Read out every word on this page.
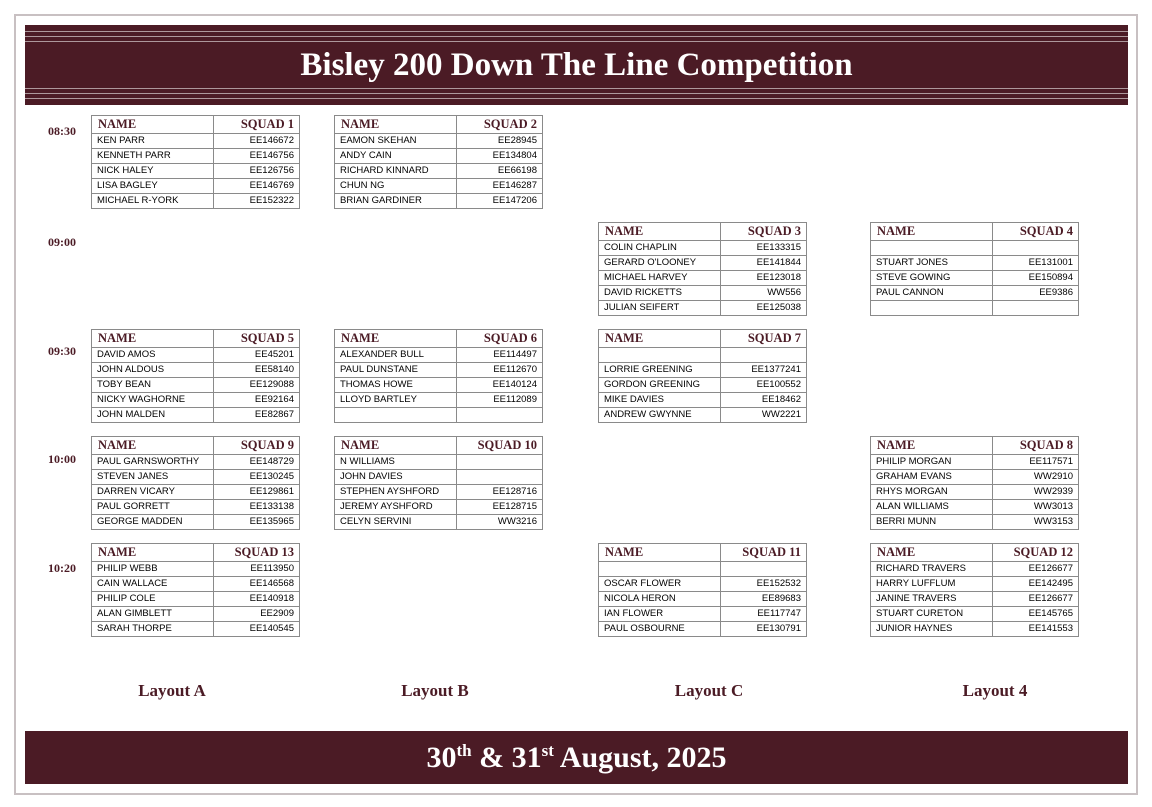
Bisley 200 Down The Line Competition
08:30
09:00
09:30
10:00
10:20
NAME	SQUAD 1
KEN PARR	EE146672
KENNETH PARR	EE146756
NICK HALEY	EE126756
LISA BAGLEY	EE146769
MICHAEL R-YORK	EE152322
NAME	SQUAD 2
EAMON SKEHAN	EE28945
ANDY CAIN	EE134804
RICHARD KINNARD	EE66198
CHUN NG	EE146287
BRIAN GARDINER	EE147206
NAME	SQUAD 3
COLIN CHAPLIN	EE133315
GERARD O'LOONEY	EE141844
MICHAEL HARVEY	EE123018
DAVID RICKETTS	WW556
JULIAN SEIFERT	EE125038
NAME	SQUAD 4

STUART JONES	EE131001
STEVE GOWING	EE150894
PAUL CANNON	EE9386

NAME	SQUAD 5
DAVID AMOS	EE45201
JOHN ALDOUS	EE58140
TOBY BEAN	EE129088
NICKY WAGHORNE	EE92164
JOHN MALDEN	EE82867
NAME	SQUAD 6
ALEXANDER BULL	EE114497
PAUL DUNSTANE	EE112670
THOMAS HOWE	EE140124
LLOYD BARTLEY	EE112089

NAME	SQUAD 7

LORRIE GREENING	EE1377241
GORDON GREENING	EE100552
MIKE DAVIES	EE18462
ANDREW GWYNNE	WW2221
NAME	SQUAD 9
PAUL GARNSWORTHY	EE148729
STEVEN JANES	EE130245
DARREN VICARY	EE129861
PAUL GORRETT	EE133138
GEORGE MADDEN	EE135965
NAME	SQUAD 10
N WILLIAMS	
JOHN DAVIES	
STEPHEN AYSHFORD	EE128716
JEREMY AYSHFORD	EE128715
CELYN SERVINI	WW3216
NAME	SQUAD 8
PHILIP MORGAN	EE117571
GRAHAM EVANS	WW2910
RHYS MORGAN	WW2939
ALAN WILLIAMS	WW3013
BERRI MUNN	WW3153
NAME	SQUAD 13
PHILIP WEBB	EE113950
CAIN WALLACE	EE146568
PHILIP COLE	EE140918
ALAN GIMBLETT	EE2909
SARAH THORPE	EE140545
NAME	SQUAD 11

OSCAR FLOWER	EE152532
NICOLA HERON	EE89683
IAN FLOWER	EE117747
PAUL OSBOURNE	EE130791
NAME	SQUAD 12
RICHARD TRAVERS	EE126677
HARRY LUFFLUM	EE142495
JANINE TRAVERS	EE126677
STUART CURETON	EE145765
JUNIOR HAYNES	EE141553
Layout A	Layout B	Layout C	Layout 4
30th & 31st August, 2025
